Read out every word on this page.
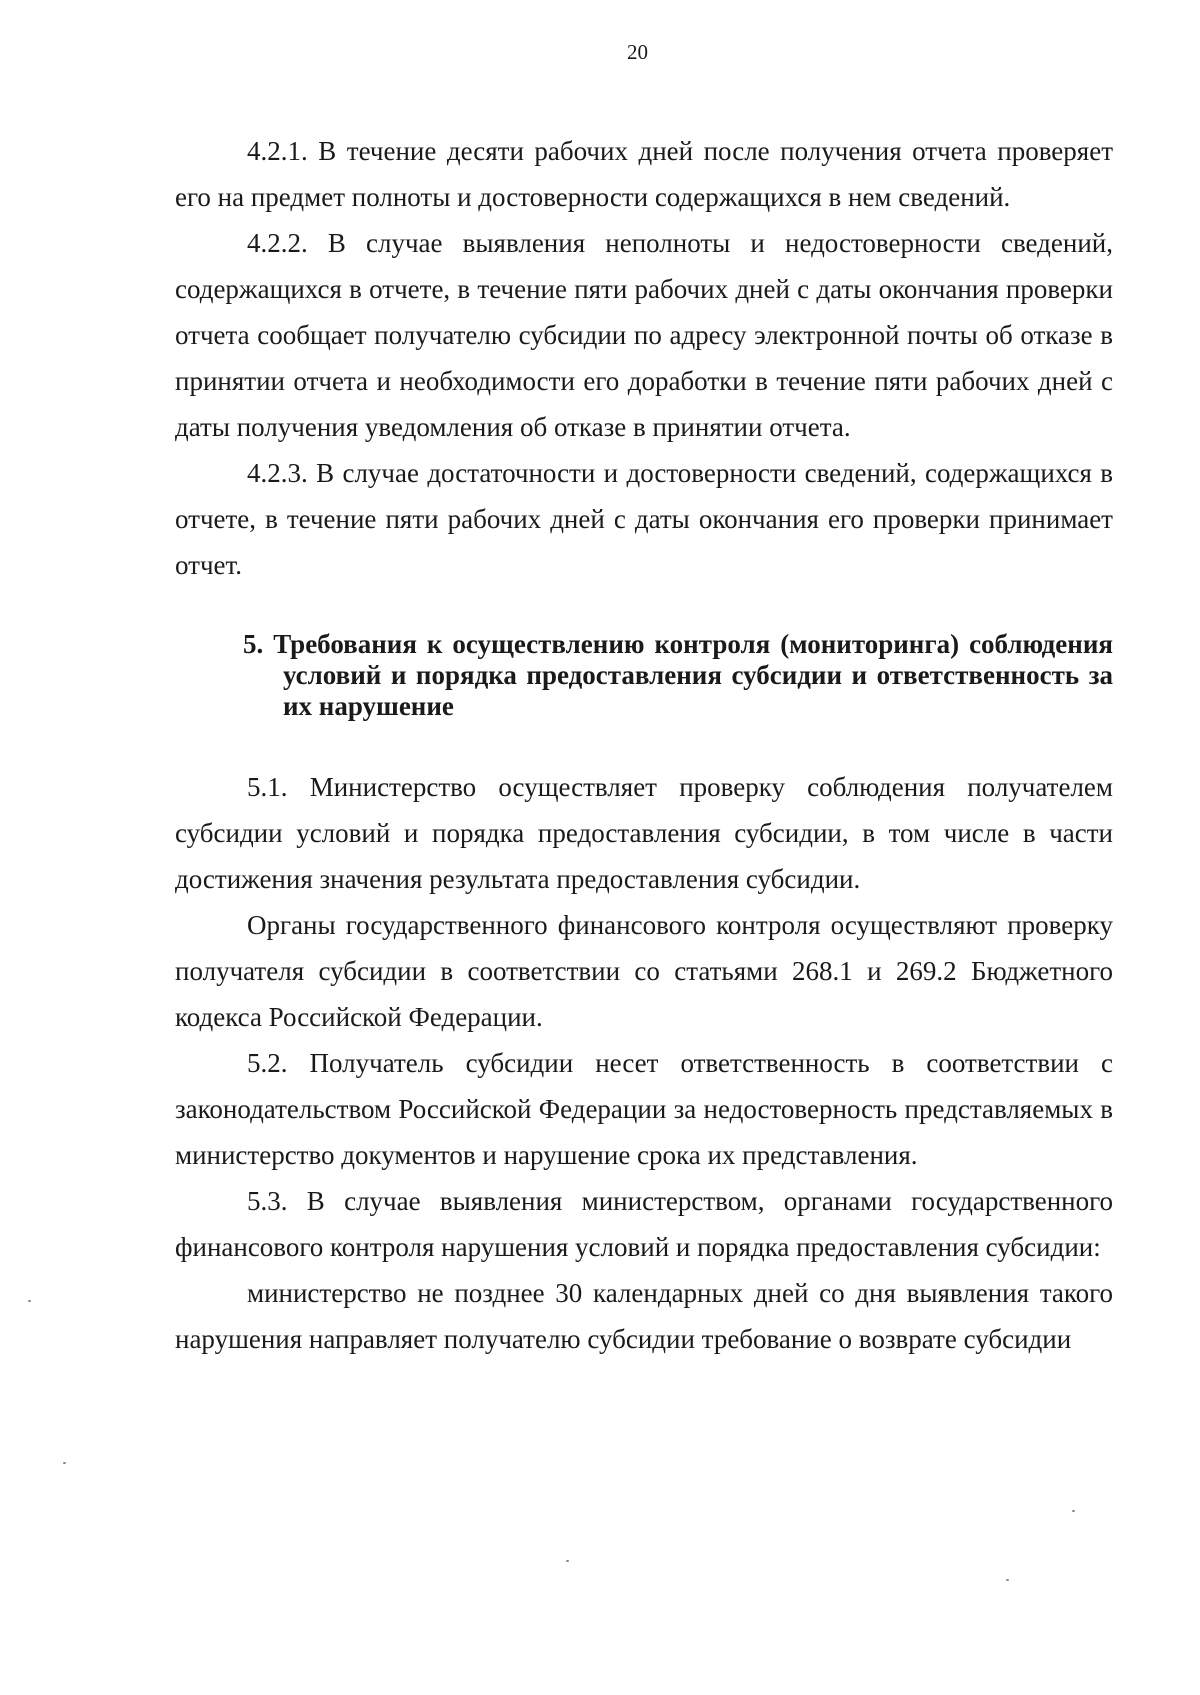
20

4.2.1. В течение десяти рабочих дней после получения отчета проверяет его на предмет полноты и достоверности содержащихся в нем сведений.

4.2.2. В случае выявления неполноты и недостоверности сведений, содержащихся в отчете, в течение пяти рабочих дней с даты окончания проверки отчета сообщает получателю субсидии по адресу электронной почты об отказе в принятии отчета и необходимости его доработки в течение пяти рабочих дней с даты получения уведомления об отказе в принятии отчета.

4.2.3. В случае достаточности и достоверности сведений, содержащихся в отчете, в течение пяти рабочих дней с даты окончания его проверки принимает отчет.

5. Требования к осуществлению контроля (мониторинга) соблюдения условий и порядка предоставления субсидии и ответственность за их нарушение

5.1. Министерство осуществляет проверку соблюдения получателем субсидии условий и порядка предоставления субсидии, в том числе в части достижения значения результата предоставления субсидии.

Органы государственного финансового контроля осуществляют проверку получателя субсидии в соответствии со статьями 268.1 и 269.2 Бюджетного кодекса Российской Федерации.

5.2. Получатель субсидии несет ответственность в соответствии с законодательством Российской Федерации за недостоверность представляемых в министерство документов и нарушение срока их представления.

5.3. В случае выявления министерством, органами государственного финансового контроля нарушения условий и порядка предоставления субсидии:

министерство не позднее 30 календарных дней со дня выявления такого нарушения направляет получателю субсидии требование о возврате субсидии
